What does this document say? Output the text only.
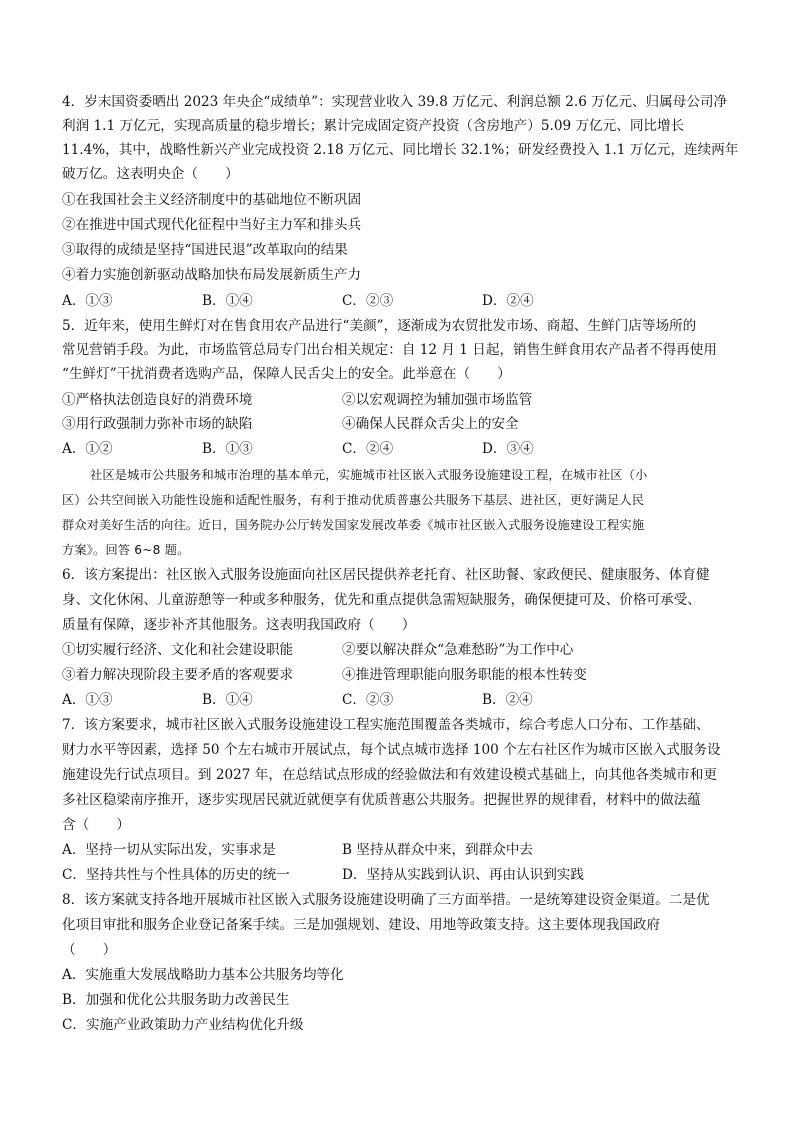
4．岁末国资委晒出 2023 年央企“成绩单”：实现营业收入 39.8 万亿元、利润总额 2.6 万亿元、归属母公司净
利润 1.1 万亿元，实现高质量的稳步增长；累计完成固定资产投资（含房地产）5.09 万亿元、同比增长
11.4%，其中，战略性新兴产业完成投资 2.18 万亿元、同比增长 32.1%；研发经费投入 1.1 万亿元，连续两年
破万亿。这表明央企（　　）
①在我国社会主义经济制度中的基础地位不断巩固
②在推进中国式现代化征程中当好主力军和排头兵
③取得的成绩是坚持“国进民退”改革取向的结果
④着力实施创新驱动战略加快布局发展新质生产力
A．①③	B．①④	C．②③	D．②④
5．近年来，使用生鲜灯对在售食用农产品进行“美颜”，逐渐成为农贸批发市场、商超、生鲜门店等场所的
常见营销手段。为此，市场监管总局专门出台相关规定：自 12 月 1 日起，销售生鲜食用农产品者不得再使用
“生鲜灯”干扰消费者选购产品，保障人民舌尖上的安全。此举意在（　　）
①严格执法创造良好的消费环境	②以宏观调控为辅加强市场监管
③用行政强制力弥补市场的缺陷	④确保人民群众舌尖上的安全
A．①②	B．①③	C．②④	D．③④
社区是城市公共服务和城市治理的基本单元，实施城市社区嵌入式服务设施建设工程，在城市社区（小
区）公共空间嵌入功能性设施和适配性服务，有利于推动优质普惠公共服务下基层、进社区，更好满足人民
群众对美好生活的向往。近日，国务院办公厅转发国家发展改革委《城市社区嵌入式服务设施建设工程实施
方案》。回答 6~8 题。
6．该方案提出：社区嵌入式服务设施面向社区居民提供养老托育、社区助餐、家政便民、健康服务、体育健
身、文化休闲、儿童游憩等一种或多种服务，优先和重点提供急需短缺服务，确保便捷可及、价格可承受、
质量有保障，逐步补齐其他服务。这表明我国政府（　　）
①切实履行经济、文化和社会建设职能	②要以解决群众“急难愁盼”为工作中心
③着力解决现阶段主要矛盾的客观要求	④推进管理职能向服务职能的根本性转变
A．①③	B．①④	C．②③	B．②④
7．该方案要求，城市社区嵌入式服务设施建设工程实施范围覆盖各类城市，综合考虑人口分布、工作基础、
财力水平等因素，选择 50 个左右城市开展试点，每个试点城市选择 100 个左右社区作为城市区嵌入式服务设
施建设先行试点项目。到 2027 年，在总结试点形成的经验做法和有效建设模式基础上，向其他各类城市和更
多社区稳梁南序推开，逐步实现居民就近就便享有优质普惠公共服务。把握世界的规律看，材料中的做法蕴
含（　　）
A．坚持一切从实际出发，实事求是	B 坚持从群众中来，到群众中去
C．坚持共性与个性具体的历史的统一	D．坚持从实践到认识、再由认识到实践
8．该方案就支持各地开展城市社区嵌入式服务设施建设明确了三方面举措。一是统筹建设资金渠道。二是优
化项目审批和服务企业登记备案手续。三是加强规划、建设、用地等政策支持。这主要体现我国政府
（　　）
A．实施重大发展战略助力基本公共服务均等化
B．加强和优化公共服务助力改善民生
C．实施产业政策助力产业结构优化升级
